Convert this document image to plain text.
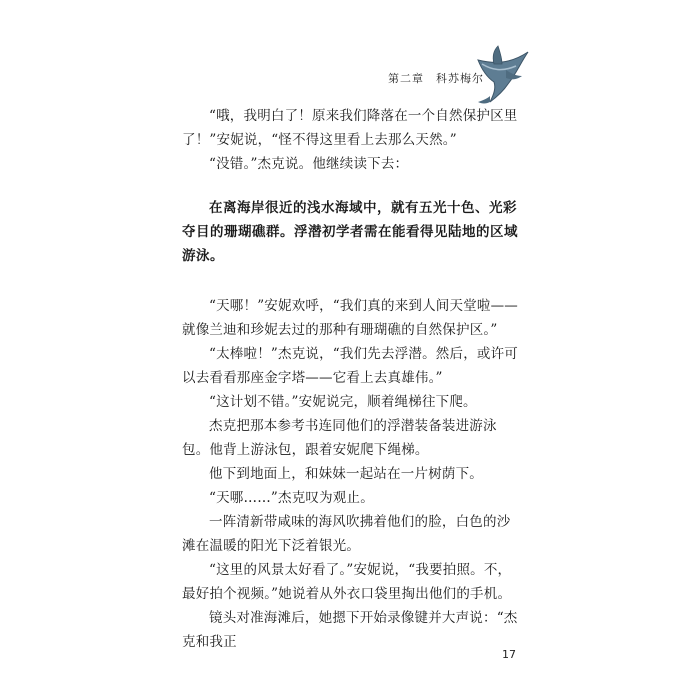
第二章 科苏梅尔

“哦，我明白了！原来我们降落在一个自然保护区里了！”安妮说，“怪不得这里看上去那么天然。”

“没错。”杰克说。他继续读下去：

在离海岸很近的浅水海域中，就有五光十色、光彩夺目的珊瑚礁群。浮潜初学者需在能看得见陆地的区域游泳。

“天哪！”安妮欢呼，“我们真的来到人间天堂啦——就像兰迪和珍妮去过的那种有珊瑚礁的自然保护区。”

“太棒啦！”杰克说，“我们先去浮潜。然后，或许可以去看看那座金字塔——它看上去真雄伟。”

“这计划不错。”安妮说完，顺着绳梯往下爬。

杰克把那本参考书连同他们的浮潜装备装进游泳包。他背上游泳包，跟着安妮爬下绳梯。

他下到地面上，和妹妹一起站在一片树荫下。

“天哪……”杰克叹为观止。

一阵清新带咸味的海风吹拂着他们的脸，白色的沙滩在温暖的阳光下泛着银光。

“这里的风景太好看了。”安妮说，“我要拍照。不，最好拍个视频。”她说着从外衣口袋里掏出他们的手机。

镜头对准海滩后，她摁下开始录像键并大声说：“杰克和我正

17
